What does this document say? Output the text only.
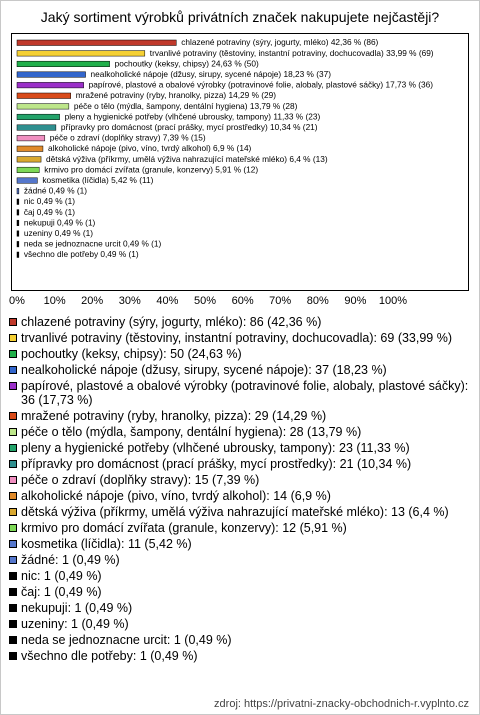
Jaký sortiment výrobků privátních značek nakupujete nejčastěji?
chlazené potraviny (sýry, jogurty, mléko) 42,36 % (86)
trvanlivé potraviny (těstoviny, instantní potraviny, dochucovadla) 33,99 % (69)
pochoutky (keksy, chipsy) 24,63 % (50)
nealkoholické nápoje (džusy, sirupy, sycené nápoje) 18,23 % (37)
papírové, plastové a obalové výrobky (potravinové folie, alobaly, plastové sáčky) 17,73 % (36)
mražené potraviny (ryby, hranolky, pizza) 14,29 % (29)
péče o tělo (mýdla, šampony, dentální hygiena) 13,79 % (28)
pleny a hygienické potřeby (vlhčené ubrousky, tampony) 11,33 % (23)
přípravky pro domácnost (prací prášky, mycí prostředky) 10,34 % (21)
péče o zdraví (doplňky stravy) 7,39 % (15)
alkoholické nápoje (pivo, víno, tvrdý alkohol) 6,9 % (14)
dětská výživa (příkrmy, umělá výživa nahrazující mateřské mléko) 6,4 % (13)
krmivo pro domácí zvířata (granule, konzervy) 5,91 % (12)
kosmetika (líčidla) 5,42 % (11)
žádné 0,49 % (1)
nic 0,49 % (1)
čaj 0,49 % (1)
nekupuji 0,49 % (1)
uzeniny 0,49 % (1)
neda se jednoznacne urcit 0,49 % (1)
všechno dle potřeby 0,49 % (1)
0% 10% 20% 30% 40% 50% 60% 70% 80% 90% 100%
chlazené potraviny (sýry, jogurty, mléko): 86 (42,36 %)
trvanlivé potraviny (těstoviny, instantní potraviny, dochucovadla): 69 (33,99 %)
pochoutky (keksy, chipsy): 50 (24,63 %)
nealkoholické nápoje (džusy, sirupy, sycené nápoje): 37 (18,23 %)
papírové, plastové a obalové výrobky (potravinové folie, alobaly, plastové sáčky): 36 (17,73 %)
mražené potraviny (ryby, hranolky, pizza): 29 (14,29 %)
péče o tělo (mýdla, šampony, dentální hygiena): 28 (13,79 %)
pleny a hygienické potřeby (vlhčené ubrousky, tampony): 23 (11,33 %)
přípravky pro domácnost (prací prášky, mycí prostředky): 21 (10,34 %)
péče o zdraví (doplňky stravy): 15 (7,39 %)
alkoholické nápoje (pivo, víno, tvrdý alkohol): 14 (6,9 %)
dětská výživa (příkrmy, umělá výživa nahrazující mateřské mléko): 13 (6,4 %)
krmivo pro domácí zvířata (granule, konzervy): 12 (5,91 %)
kosmetika (líčidla): 11 (5,42 %)
žádné: 1 (0,49 %)
nic: 1 (0,49 %)
čaj: 1 (0,49 %)
nekupuji: 1 (0,49 %)
uzeniny: 1 (0,49 %)
neda se jednoznacne urcit: 1 (0,49 %)
všechno dle potřeby: 1 (0,49 %)
zdroj: https://privatni-znacky-obchodnich-r.vyplnto.cz
